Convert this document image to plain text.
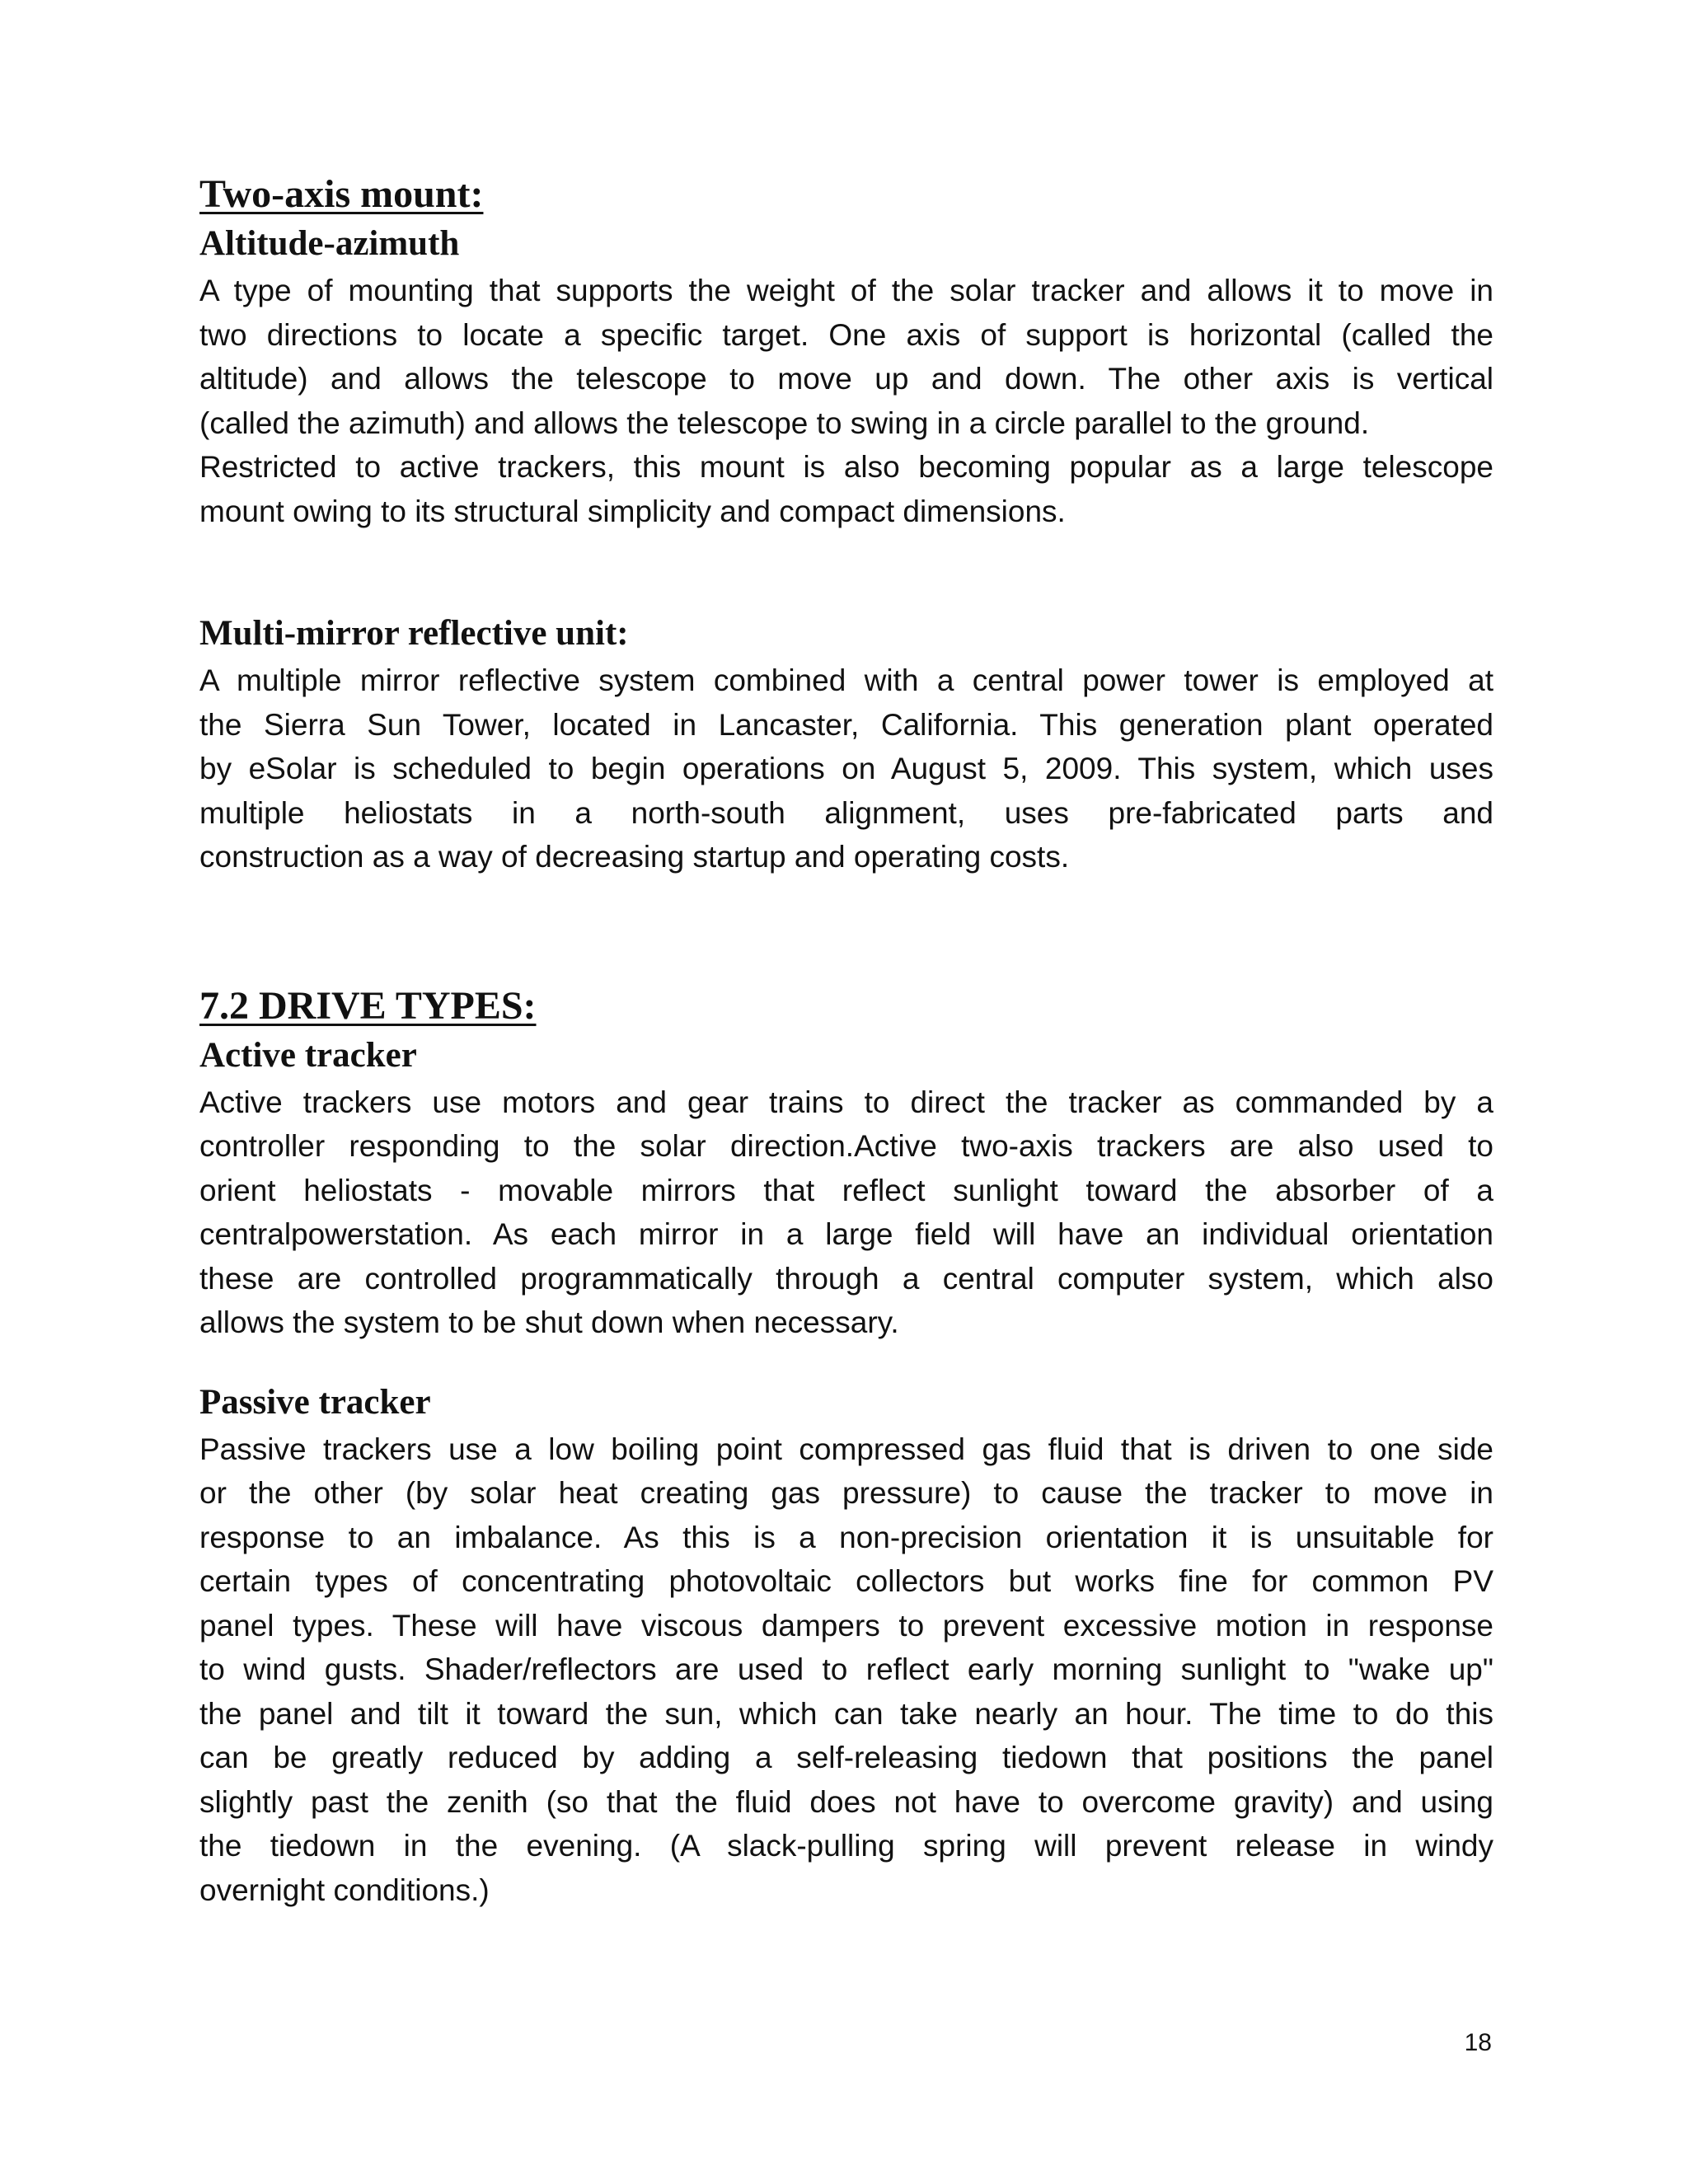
Two-axis mount:
Altitude-azimuth

A type of mounting that supports the weight of the solar tracker and allows it to move in
two directions to locate a specific target. One axis of support is horizontal (called the
altitude) and allows the telescope to move up and down. The other axis is vertical
(called the azimuth) and allows the telescope to swing in a circle parallel to the ground.
Restricted to active trackers, this mount is also becoming popular as a large telescope
mount owing to its structural simplicity and compact dimensions.

Multi-mirror reflective unit:

A multiple mirror reflective system combined with a central power tower is employed at
the Sierra Sun Tower, located in Lancaster, California. This generation plant operated
by eSolar is scheduled to begin operations on August 5, 2009. This system, which uses
multiple heliostats in a north-south alignment, uses pre-fabricated parts and
construction as a way of decreasing startup and operating costs.

7.2 DRIVE TYPES:
Active tracker

Active trackers use motors and gear trains to direct the tracker as commanded by a
controller responding to the solar direction.Active two-axis trackers are also used to
orient heliostats - movable mirrors that reflect sunlight toward the absorber of a
centralpowerstation. As each mirror in a large field will have an individual orientation
these are controlled programmatically through a central computer system, which also
allows the system to be shut down when necessary.

Passive tracker

Passive trackers use a low boiling point compressed gas fluid that is driven to one side
or the other (by solar heat creating gas pressure) to cause the tracker to move in
response to an imbalance. As this is a non-precision orientation it is unsuitable for
certain types of concentrating photovoltaic collectors but works fine for common PV
panel types. These will have viscous dampers to prevent excessive motion in response
to wind gusts. Shader/reflectors are used to reflect early morning sunlight to "wake up"
the panel and tilt it toward the sun, which can take nearly an hour. The time to do this
can be greatly reduced by adding a self-releasing tiedown that positions the panel
slightly past the zenith (so that the fluid does not have to overcome gravity) and using
the tiedown in the evening. (A slack-pulling spring will prevent release in windy
overnight conditions.)

18
